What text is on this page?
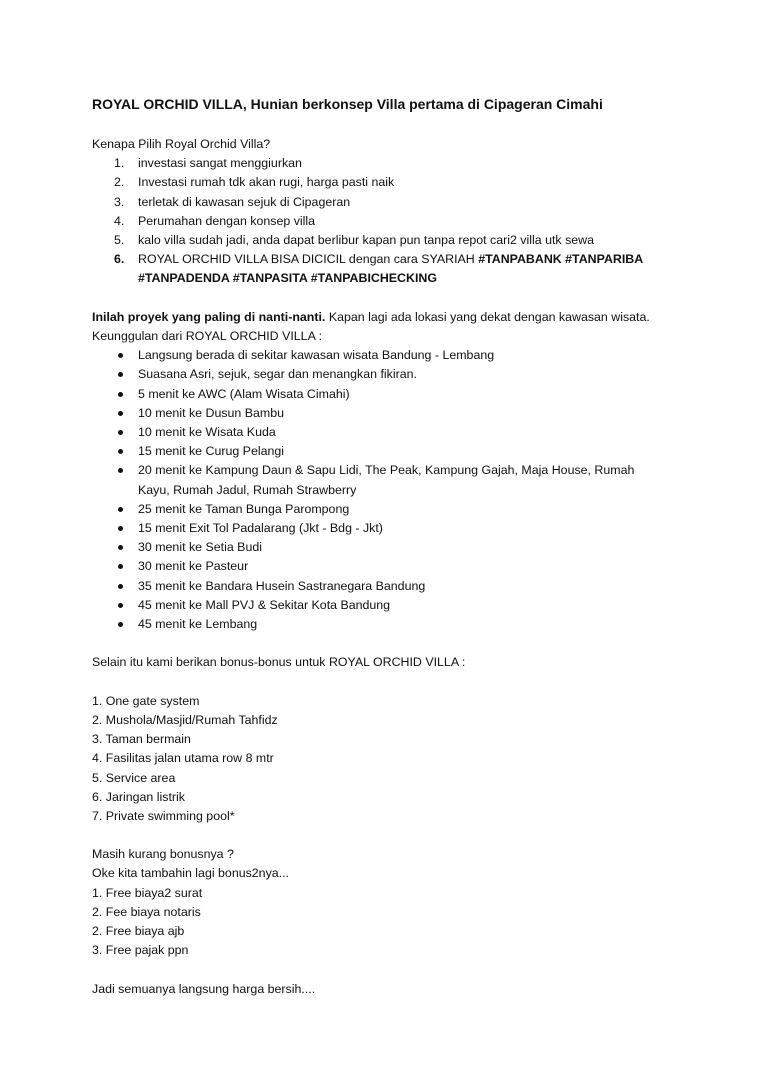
ROYAL ORCHID VILLA, Hunian berkonsep Villa pertama di Cipageran Cimahi
Kenapa Pilih Royal Orchid Villa?
1. investasi sangat menggiurkan
2. Investasi rumah tdk akan rugi, harga pasti naik
3. terletak di kawasan sejuk di Cipageran
4. Perumahan dengan konsep villa
5. kalo villa sudah jadi, anda dapat berlibur kapan pun tanpa repot cari2 villa utk sewa
6. ROYAL ORCHID VILLA BISA DICICIL dengan cara SYARIAH #TANPABANK #TANPARIBA
#TANPADENDA #TANPASITA #TANPABICHECKING
Inilah proyek yang paling di nanti-nanti. Kapan lagi ada lokasi yang dekat dengan kawasan wisata.
Keunggulan dari ROYAL ORCHID VILLA :
Langsung berada di sekitar kawasan wisata Bandung - Lembang
Suasana Asri, sejuk, segar dan menangkan fikiran.
5 menit ke AWC (Alam Wisata Cimahi)
10 menit ke Dusun Bambu
10 menit ke Wisata Kuda
15 menit ke Curug Pelangi
20 menit ke Kampung Daun & Sapu Lidi, The Peak, Kampung Gajah, Maja House, Rumah
Kayu, Rumah Jadul, Rumah Strawberry
25 menit ke Taman Bunga Parompong
15 menit Exit Tol Padalarang (Jkt - Bdg - Jkt)
30 menit ke Setia Budi
30 menit ke Pasteur
35 menit ke Bandara Husein Sastranegara Bandung
45 menit ke Mall PVJ & Sekitar Kota Bandung
45 menit ke Lembang
Selain itu kami berikan bonus-bonus untuk ROYAL ORCHID VILLA :
1. One gate system
2. Mushola/Masjid/Rumah Tahfidz
3. Taman bermain
4. Fasilitas jalan utama row 8 mtr
5. Service area
6. Jaringan listrik
7. Private swimming pool*
Masih kurang bonusnya ?
Oke kita tambahin lagi bonus2nya...
1. Free biaya2 surat
2. Fee biaya notaris
2. Free biaya ajb
3. Free pajak ppn
Jadi semuanya langsung harga bersih....
